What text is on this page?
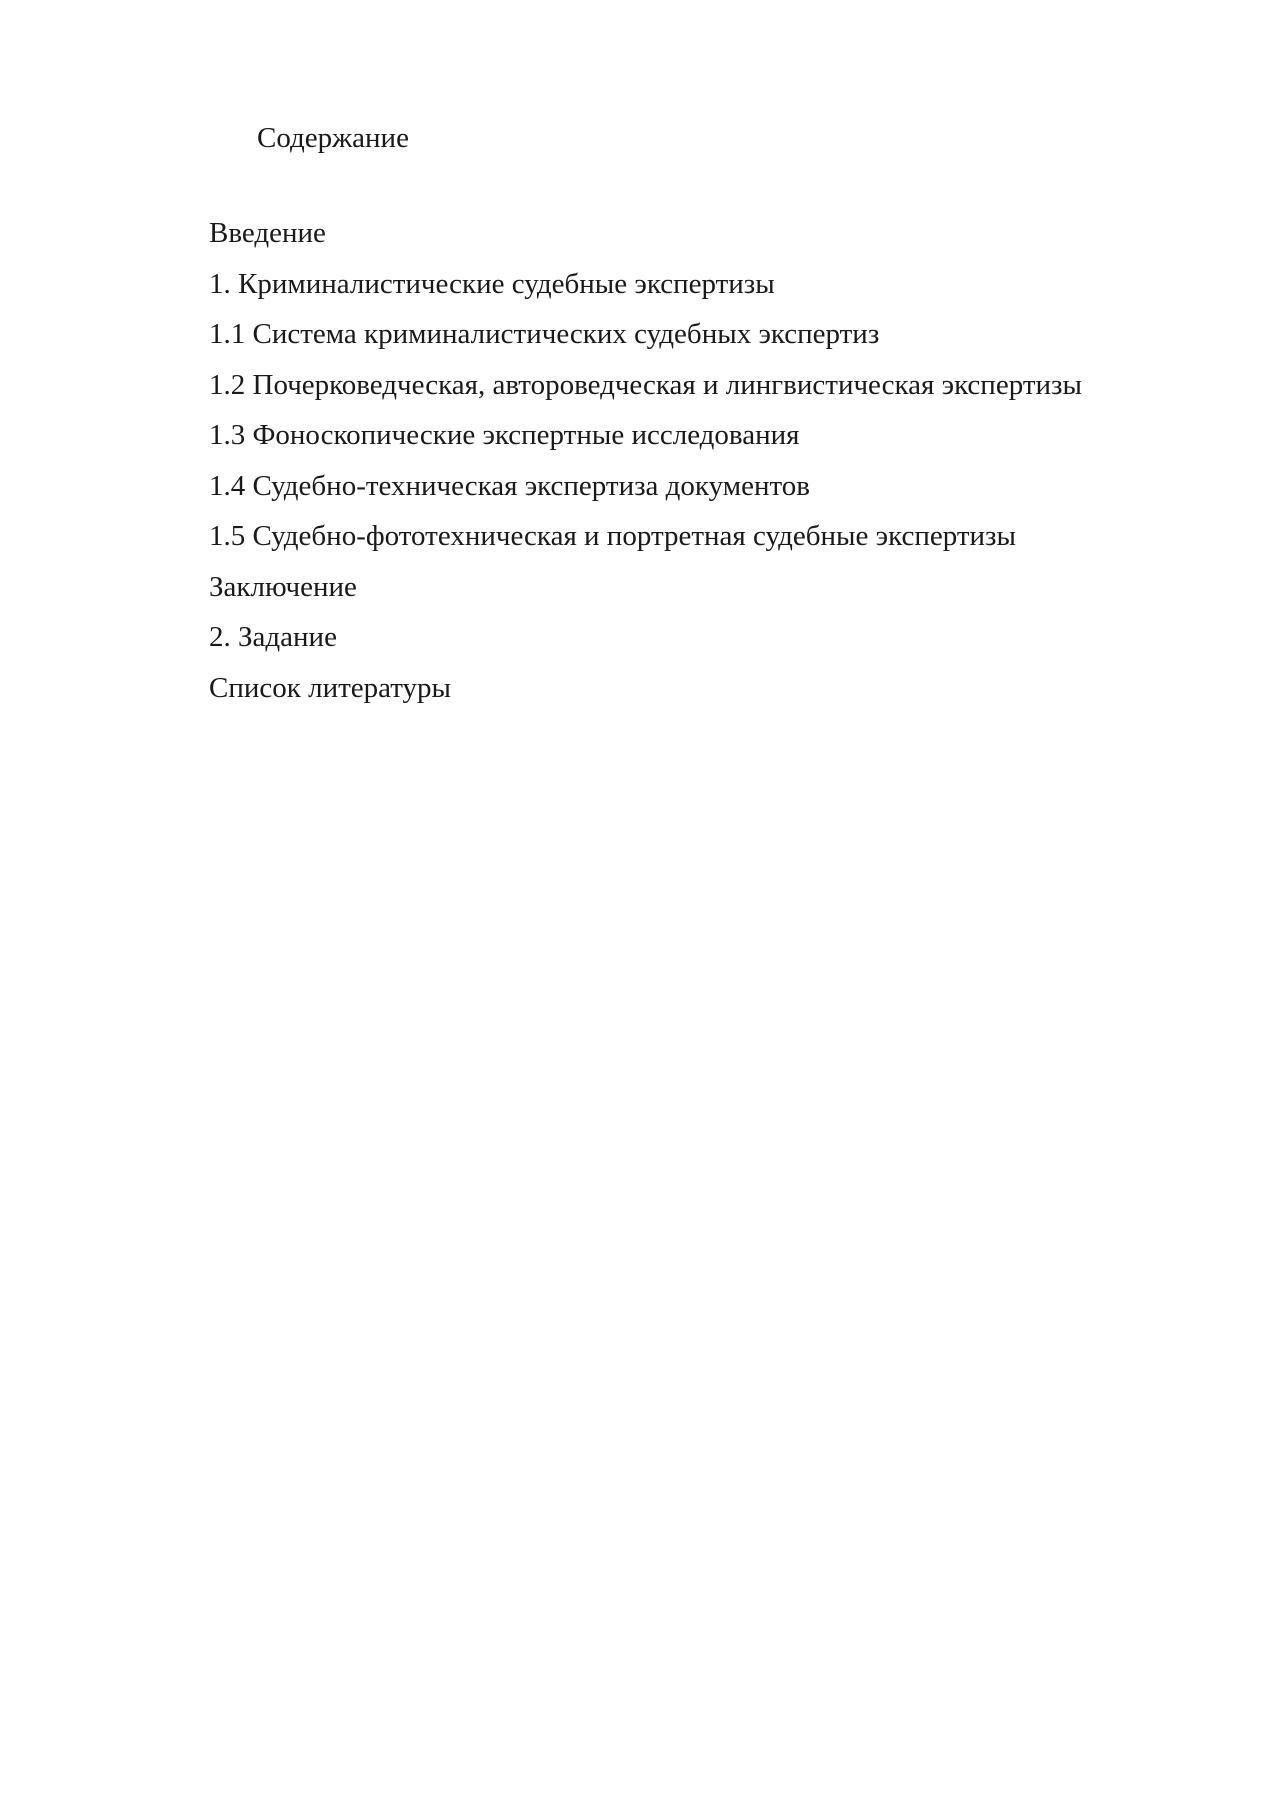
Содержание
Введение
1. Криминалистические судебные экспертизы
1.1 Система криминалистических судебных экспертиз
1.2 Почерковедческая, автороведческая и лингвистическая экспертизы
1.3 Фоноскопические экспертные исследования
1.4 Судебно-техническая экспертиза документов
1.5 Судебно-фототехническая и портретная судебные экспертизы
Заключение
2. Задание
Список литературы
